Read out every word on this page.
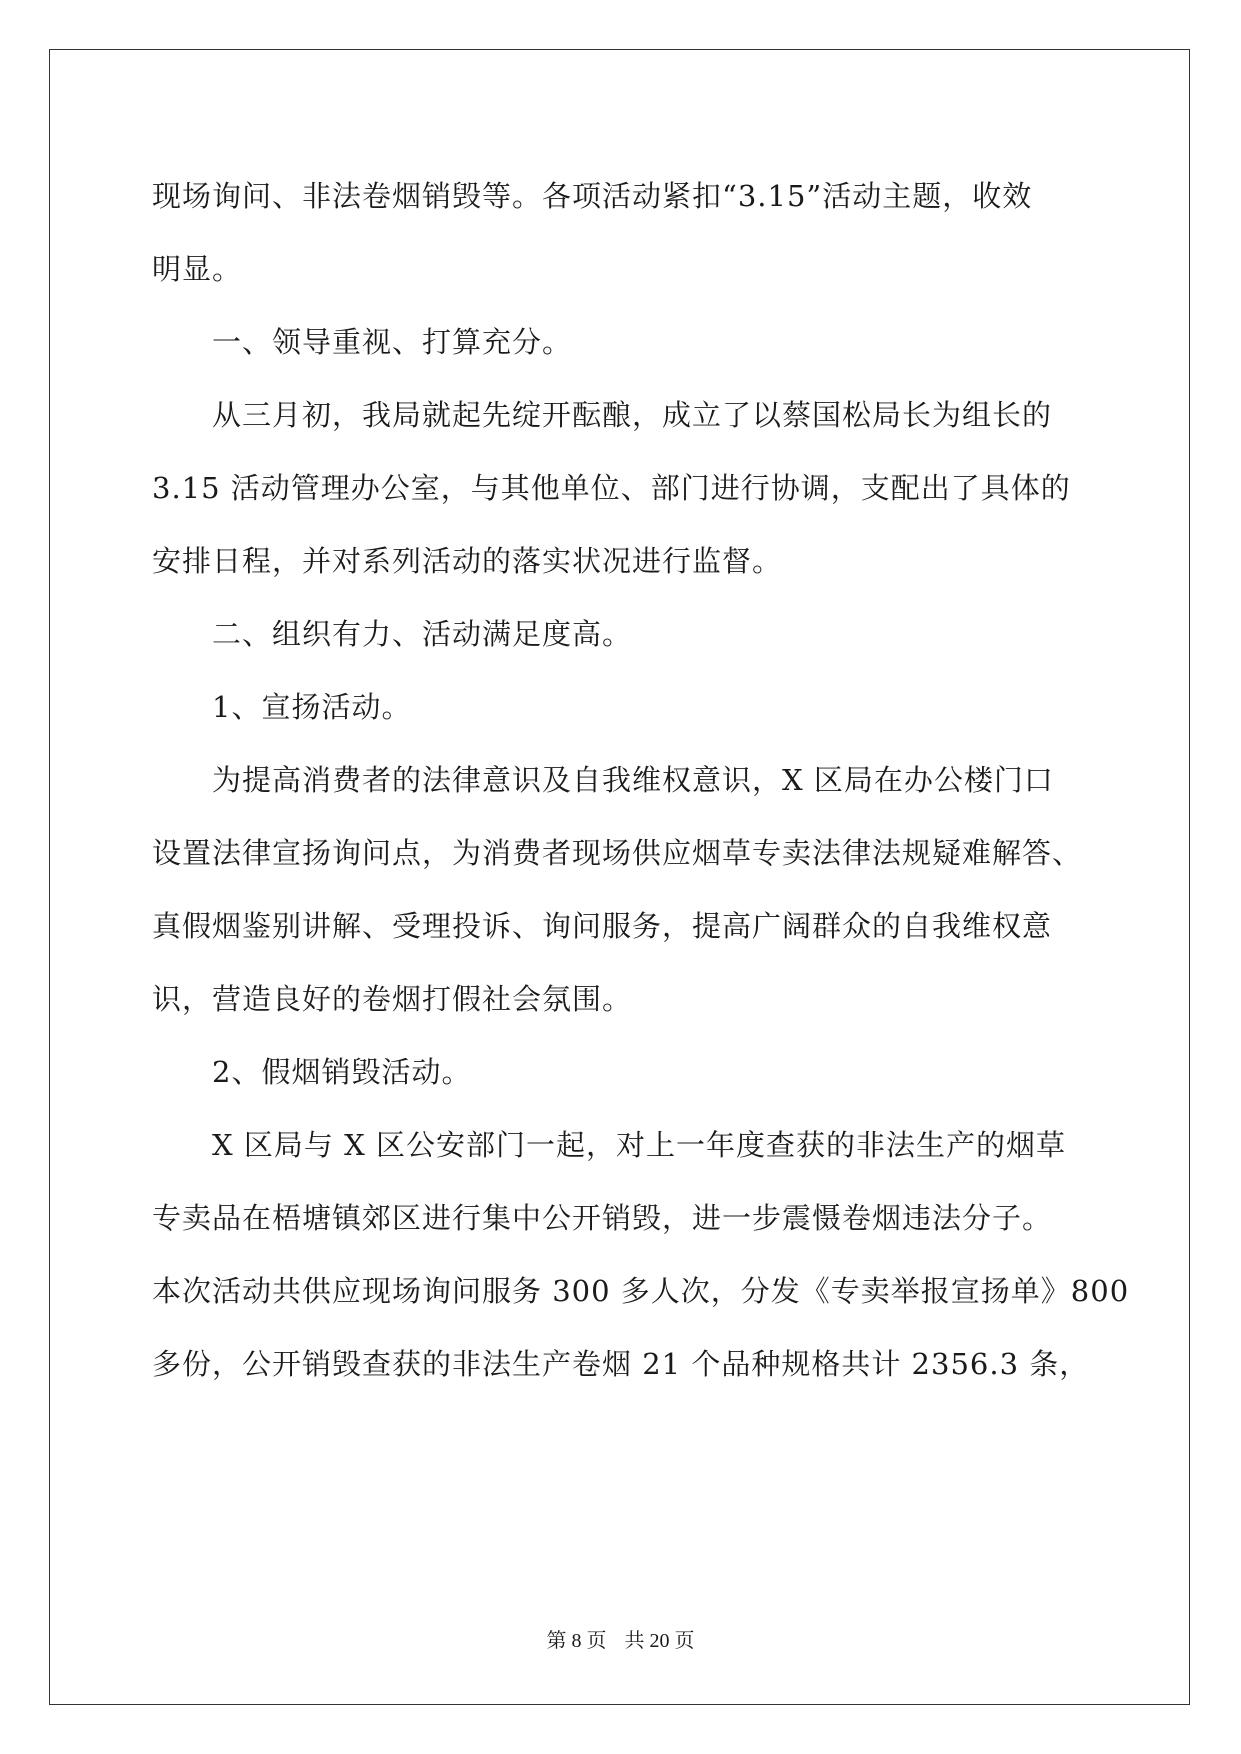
现场询问、非法卷烟销毁等。各项活动紧扣“3.15”活动主题，收效
明显。
一、领导重视、打算充分。
从三月初，我局就起先绽开酝酿，成立了以蔡国松局长为组长的
3.15 活动管理办公室，与其他单位、部门进行协调，支配出了具体的
安排日程，并对系列活动的落实状况进行监督。
二、组织有力、活动满足度高。
1、宣扬活动。
为提高消费者的法律意识及自我维权意识，X 区局在办公楼门口
设置法律宣扬询问点，为消费者现场供应烟草专卖法律法规疑难解答、
真假烟鉴别讲解、受理投诉、询问服务，提高广阔群众的自我维权意
识，营造良好的卷烟打假社会氛围。
2、假烟销毁活动。
X 区局与 X 区公安部门一起，对上一年度查获的非法生产的烟草
专卖品在梧塘镇郊区进行集中公开销毁，进一步震慑卷烟违法分子。
本次活动共供应现场询问服务 300 多人次，分发《专卖举报宣扬单》800
多份，公开销毁查获的非法生产卷烟 21 个品种规格共计 2356.3 条，
第 8 页 共 20 页
